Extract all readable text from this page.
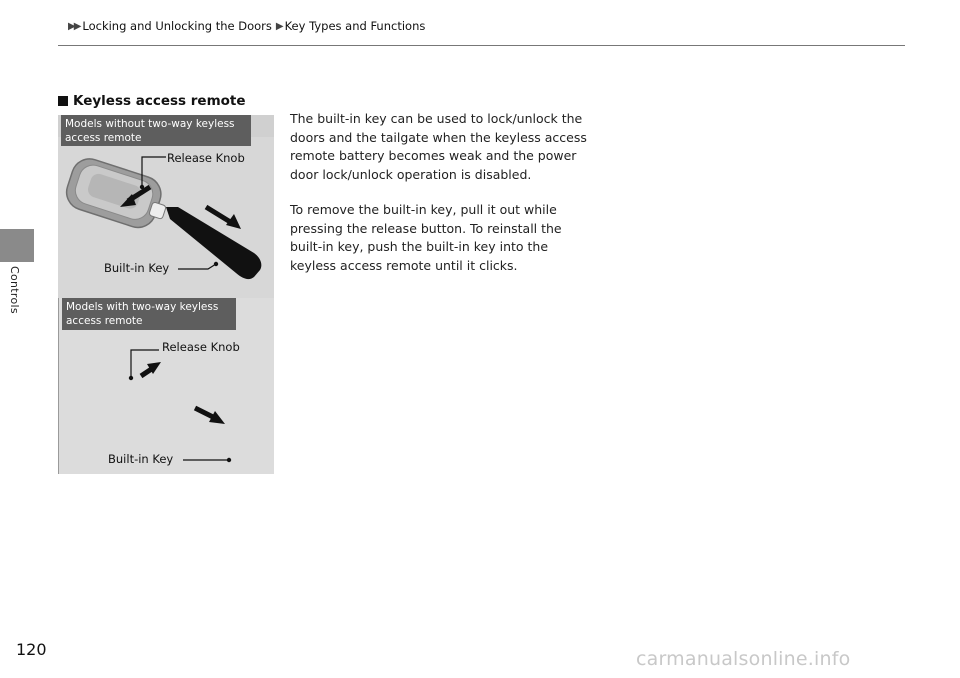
▶▶ Locking and Unlocking the Doors ▶ Key Types and Functions
Controls
Keyless access remote
Models without two-way keyless
access remote
Release Knob
Built-in Key
Models with two-way keyless
access remote
Release Knob
Built-in Key

The built-in key can be used to lock/unlock the doors and the tailgate when the keyless access remote battery becomes weak and the power door lock/unlock operation is disabled.

To remove the built-in key, pull it out while pressing the release button. To reinstall the built-in key, push the built-in key into the keyless access remote until it clicks.

120	carmanualsonline.info
